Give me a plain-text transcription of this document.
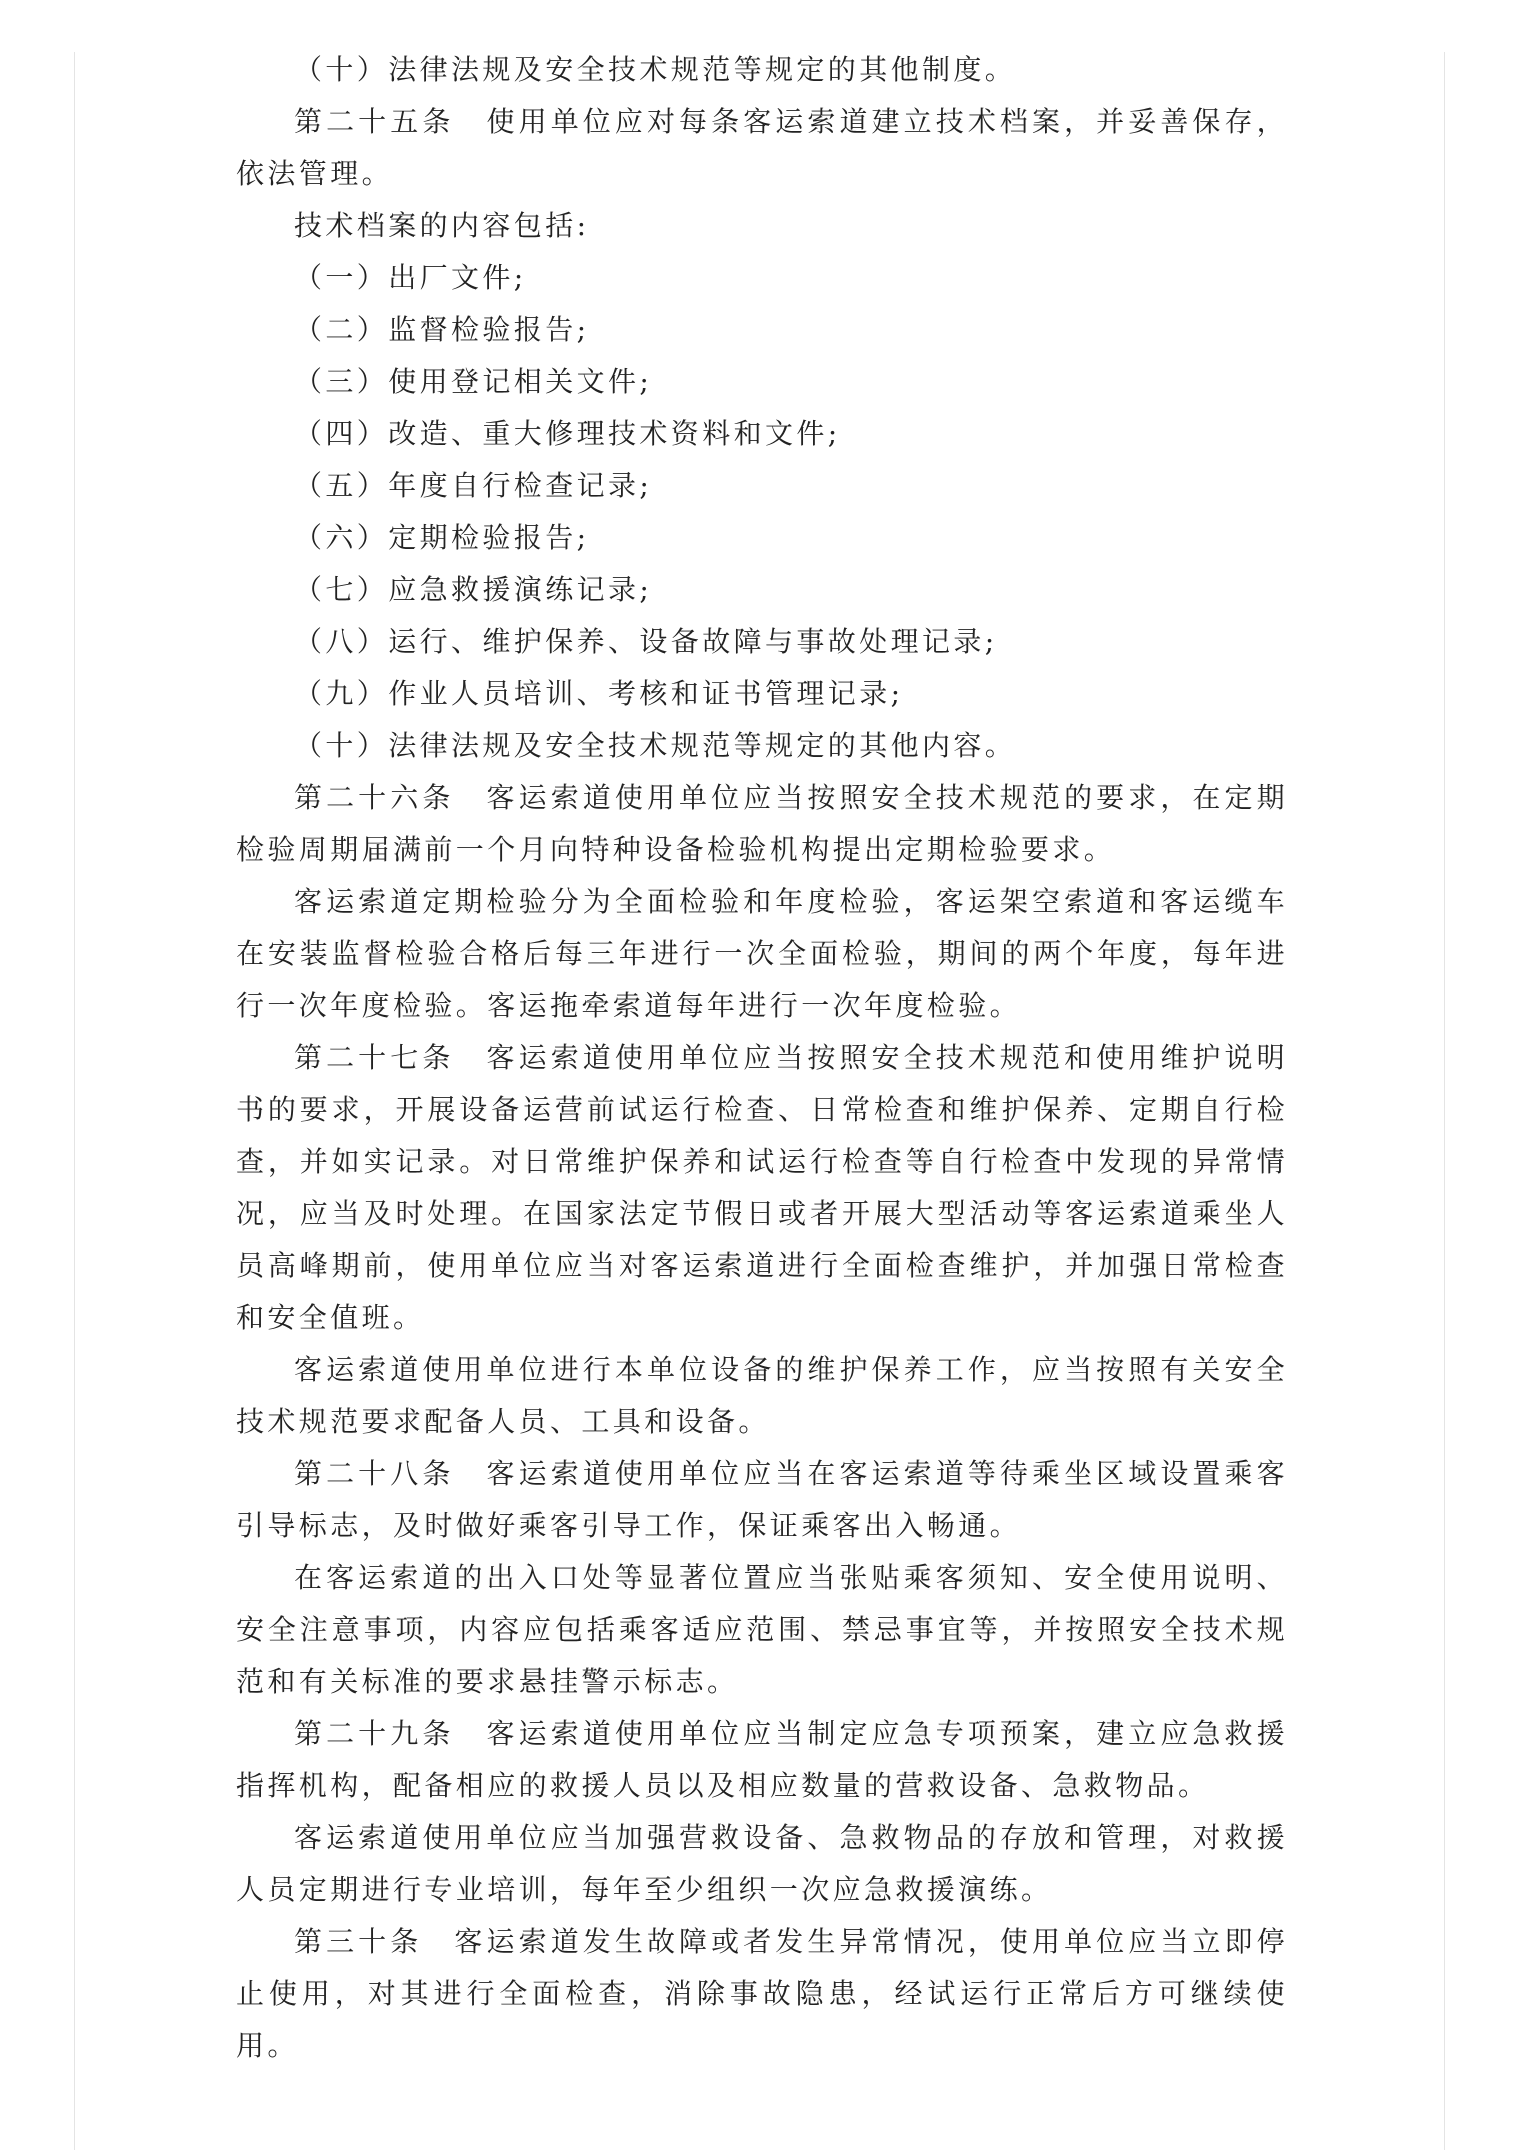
（十）法律法规及安全技术规范等规定的其他制度。

第二十五条　使用单位应对每条客运索道建立技术档案，并妥善保存，依法管理。

技术档案的内容包括:

（一）出厂文件;

（二）监督检验报告;

（三）使用登记相关文件;

（四）改造、重大修理技术资料和文件;

（五）年度自行检查记录;

（六）定期检验报告;

（七）应急救援演练记录;

（八）运行、维护保养、设备故障与事故处理记录;

（九）作业人员培训、考核和证书管理记录;

（十）法律法规及安全技术规范等规定的其他内容。

第二十六条　客运索道使用单位应当按照安全技术规范的要求，在定期检验周期届满前一个月向特种设备检验机构提出定期检验要求。

客运索道定期检验分为全面检验和年度检验，客运架空索道和客运缆车在安装监督检验合格后每三年进行一次全面检验，期间的两个年度，每年进行一次年度检验。客运拖牵索道每年进行一次年度检验。

第二十七条　客运索道使用单位应当按照安全技术规范和使用维护说明书的要求，开展设备运营前试运行检查、日常检查和维护保养、定期自行检查，并如实记录。对日常维护保养和试运行检查等自行检查中发现的异常情况，应当及时处理。在国家法定节假日或者开展大型活动等客运索道乘坐人员高峰期前，使用单位应当对客运索道进行全面检查维护，并加强日常检查和安全值班。

客运索道使用单位进行本单位设备的维护保养工作，应当按照有关安全技术规范要求配备人员、工具和设备。

第二十八条　客运索道使用单位应当在客运索道等待乘坐区域设置乘客引导标志，及时做好乘客引导工作，保证乘客出入畅通。

在客运索道的出入口处等显著位置应当张贴乘客须知、安全使用说明、安全注意事项，内容应包括乘客适应范围、禁忌事宜等，并按照安全技术规范和有关标准的要求悬挂警示标志。

第二十九条　客运索道使用单位应当制定应急专项预案，建立应急救援指挥机构，配备相应的救援人员以及相应数量的营救设备、急救物品。

客运索道使用单位应当加强营救设备、急救物品的存放和管理，对救援人员定期进行专业培训，每年至少组织一次应急救援演练。

第三十条　客运索道发生故障或者发生异常情况，使用单位应当立即停止使用，对其进行全面检查，消除事故隐患，经试运行正常后方可继续使用。
